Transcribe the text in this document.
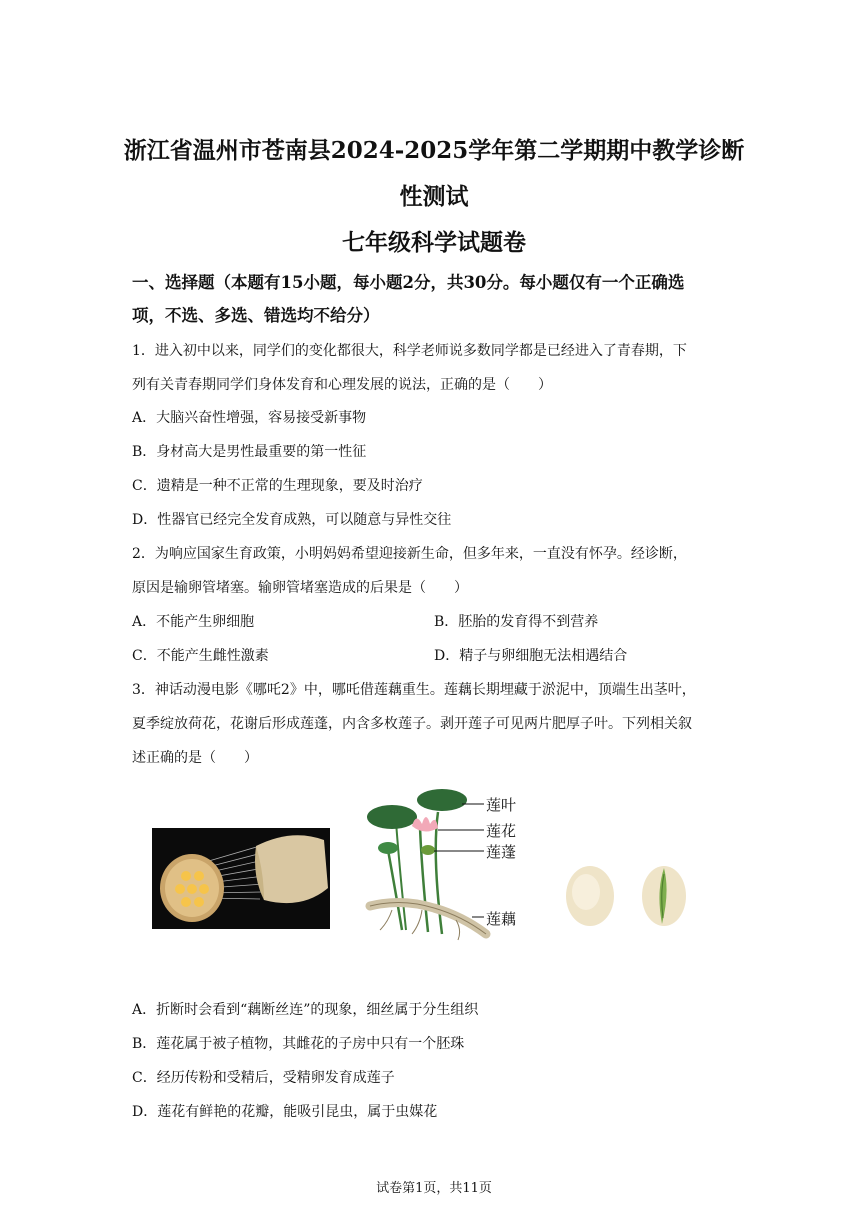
浙江省温州市苍南县2024-2025学年第二学期期中教学诊断
性测试
七年级科学试题卷
一、选择题（本题有15小题，每小题2分，共30分。每小题仅有一个正确选
项，不选、多选、错选均不给分）
1．进入初中以来，同学们的变化都很大，科学老师说多数同学都是已经进入了青春期，下
列有关青春期同学们身体发育和心理发展的说法，正确的是（　　）
A．大脑兴奋性增强，容易接受新事物
B．身材高大是男性最重要的第一性征
C．遗精是一种不正常的生理现象，要及时治疗
D．性器官已经完全发育成熟，可以随意与异性交往
2．为响应国家生育政策，小明妈妈希望迎接新生命，但多年来，一直没有怀孕。经诊断，
原因是输卵管堵塞。输卵管堵塞造成的后果是（　　）
A．不能产生卵细胞	B．胚胎的发育得不到营养
C．不能产生雌性激素	D．精子与卵细胞无法相遇结合
3．神话动漫电影《哪吒2》中，哪吒借莲藕重生。莲藕长期埋藏于淤泥中，顶端生出茎叶，
夏季绽放荷花，花谢后形成莲蓬，内含多枚莲子。剥开莲子可见两片肥厚子叶。下列相关叙
述正确的是（　　）
莲叶
莲花
莲蓬
莲藕
A．折断时会看到“藕断丝连”的现象，细丝属于分生组织
B．莲花属于被子植物，其雌花的子房中只有一个胚珠
C．经历传粉和受精后，受精卵发育成莲子
D．莲花有鲜艳的花瓣，能吸引昆虫，属于虫媒花
试卷第1页，共11页
